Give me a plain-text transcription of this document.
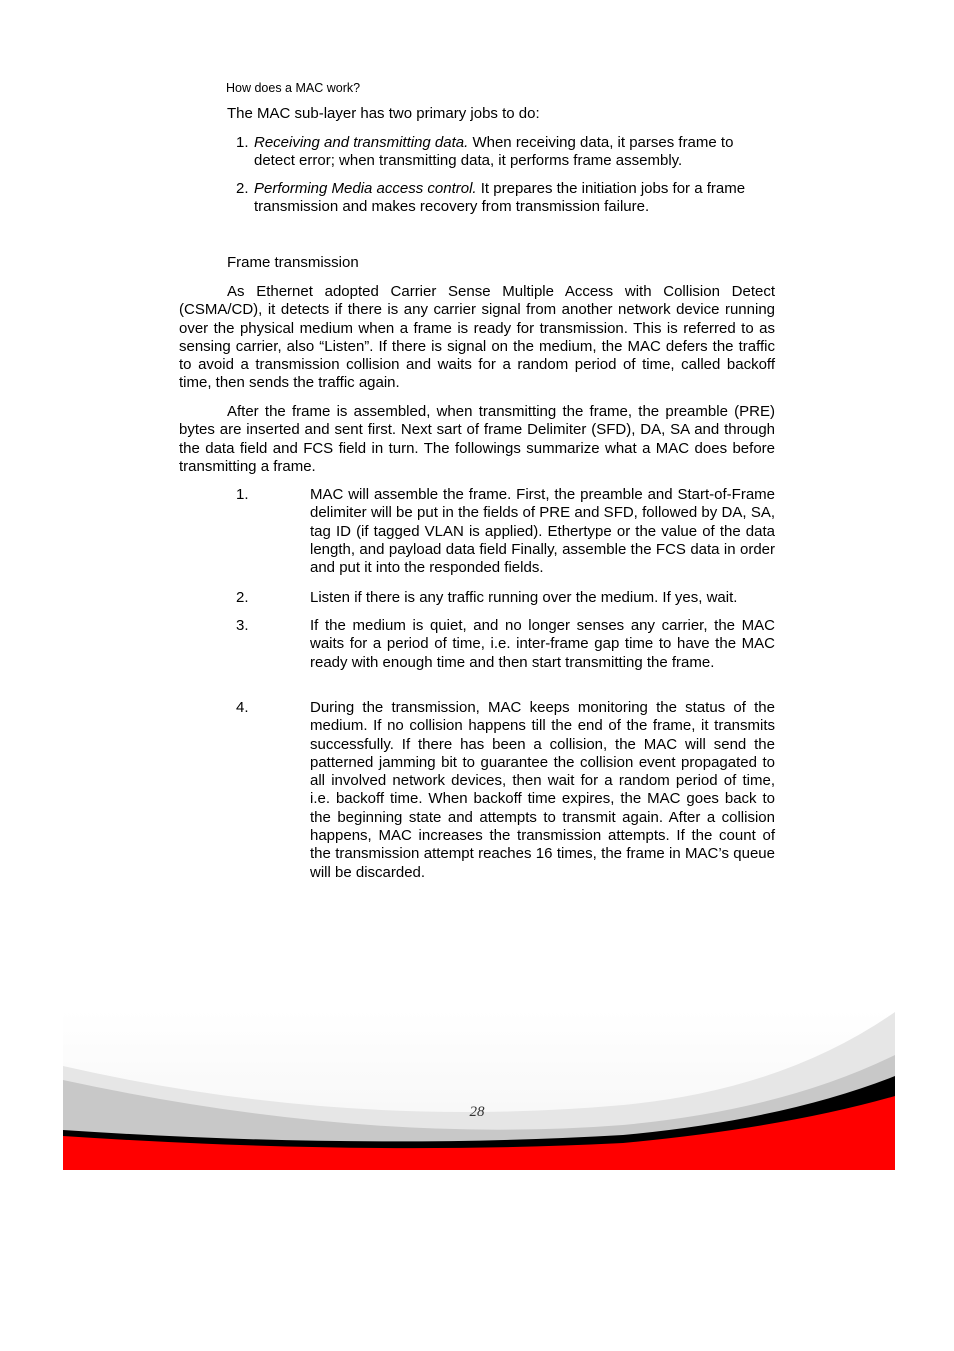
How does a MAC work?
The MAC sub-layer has two primary jobs to do:
1. Receiving and transmitting data. When receiving data, it parses frame to detect error; when transmitting data, it performs frame assembly.
2. Performing Media access control. It prepares the initiation jobs for a frame transmission and makes recovery from transmission failure.
Frame transmission
As Ethernet adopted Carrier Sense Multiple Access with Collision Detect (CSMA/CD), it detects if there is any carrier signal from another network device running over the physical medium when a frame is ready for transmission. This is referred to as sensing carrier, also “Listen”. If there is signal on the medium, the MAC defers the traffic to avoid a transmission collision and waits for a random period of time, called backoff time, then sends the traffic again.
After the frame is assembled, when transmitting the frame, the preamble (PRE) bytes are inserted and sent first. Next sart of frame Delimiter (SFD), DA, SA and through the data field and FCS field in turn. The followings summarize what a MAC does before transmitting a frame.
1.	MAC will assemble the frame. First, the preamble and Start-of-Frame delimiter will be put in the fields of PRE and SFD, followed by DA, SA, tag ID (if tagged VLAN is applied). Ethertype or the value of the data length, and payload data field Finally, assemble the FCS data in order and put it into the responded fields.
2.	Listen if there is any traffic running over the medium. If yes, wait.
3.	If the medium is quiet, and no longer senses any carrier, the MAC waits for a period of time, i.e. inter-frame gap time to have the MAC ready with enough time and then start transmitting the frame.
4.	During the transmission, MAC keeps monitoring the status of the medium. If no collision happens till the end of the frame, it transmits successfully. If there has been a collision, the MAC will send the patterned jamming bit to guarantee the collision event propagated to all involved network devices, then wait for a random period of time, i.e. backoff time. When backoff time expires, the MAC goes back to the beginning state and attempts to transmit again. After a collision happens, MAC increases the transmission attempts. If the count of the transmission attempt reaches 16 times, the frame in MAC’s queue will be discarded.
28
